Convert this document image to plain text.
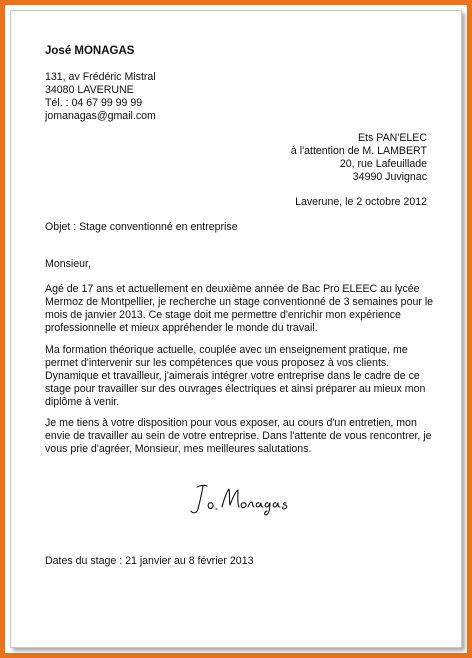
José MONAGAS
131, av Frédéric Mistral
34080 LAVERUNE
Tél. : 04 67 99 99 99
jomanagas@gmail.com
Ets PAN'ELEC
à l'attention de M. LAMBERT
20, rue Lafeuillade
34990 Juvignac
Laverune, le 2 octobre 2012
Objet : Stage conventionné en entreprise
Monsieur,
Agé de 17 ans et actuellement en deuxième année de Bac Pro ELEEC au lycée
Mermoz de Montpellier, je recherche un stage conventionné de 3 semaines pour le
mois de janvier 2013. Ce stage doit me permettre d'enrichir mon expérience
professionnelle et mieux appréhender le monde du travail.
Ma formation théorique actuelle, couplée avec un enseignement pratique, me
permet d'intervenir sur les compétences que vous proposez à vos clients.
Dynamique et travailleur, j'aimerais intégrer votre entreprise dans le cadre de ce
stage pour travailler sur des ouvrages électriques et ainsi préparer au mieux mon
diplôme à venir.
Je me tiens à votre disposition pour vous exposer, au cours d'un entretien, mon
envie de travailler au sein de votre entreprise. Dans l'attente de vous rencontrer, je
vous prie d'agréer, Monsieur, mes meilleures salutations.
Dates du stage : 21 janvier au 8 février 2013
